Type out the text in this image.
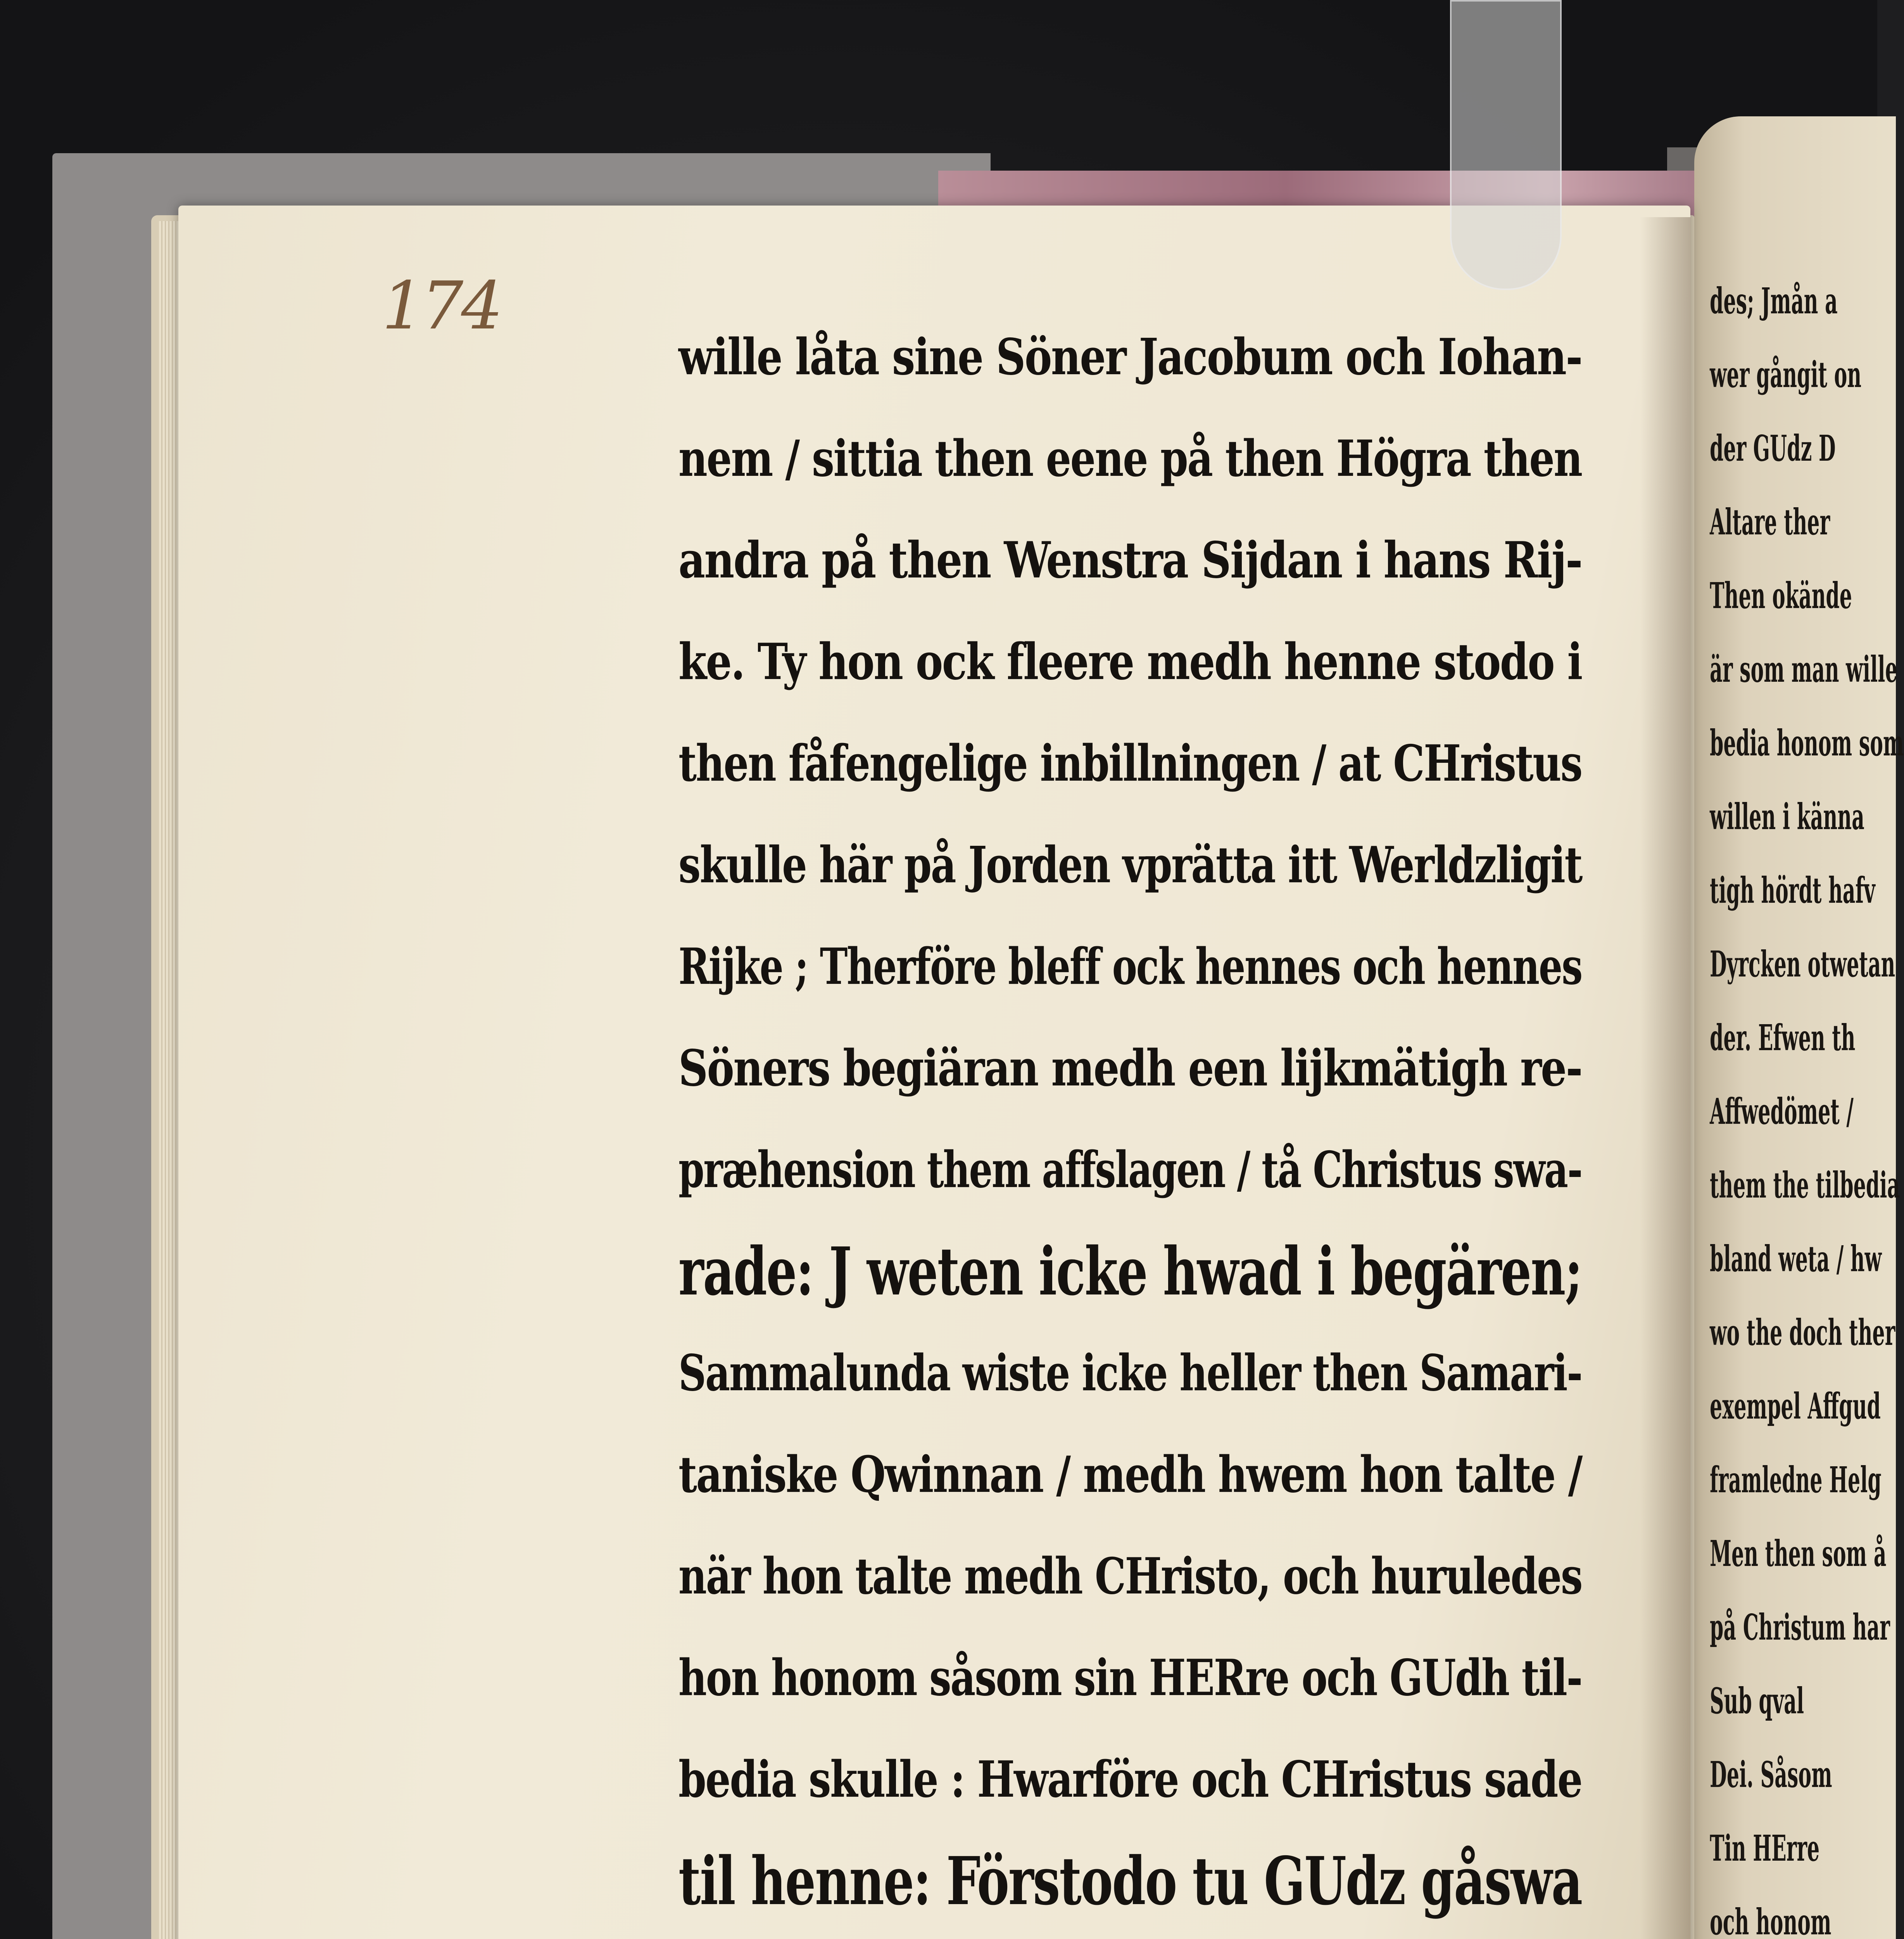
des; Jmån a
wer gångit on
der GUdz D
Altare ther
Then okände
är som man wille
bedia honom som
willen i känna
tigh hördt hafv
Dyrcken otwetan
der. Efwen th
Affwedömet /
them the tilbedia
bland weta / hw
wo the doch ther
exempel Affgud
framledne Helg
Men then som å
på Christum har
Sub qval
Dei. Såsom
Tin HErre
och honom
174
wille låta sine Söner Jacobum och Iohan-
nem / sittia then eene på then Högra then
andra på then Wenstra Sijdan i hans Rij-
ke. Ty hon ock fleere medh henne stodo i
then fåfengelige inbillningen / at CHristus
skulle här på Jorden vprätta itt Werldzligit
Rijke ; Therföre bleff ock hennes och hennes
Söners begiäran medh een lijkmätigh re-
præhension them affslagen / tå Christus swa-
rade: J weten icke hwad i begären;
Sammalunda wiste icke heller then Samari-
taniske Qwinnan / medh hwem hon talte /
när hon talte medh CHristo, och huruledes
hon honom såsom sin HERre och GUdh til-
bedia skulle : Hwarföre och CHristus sade
til henne: Förstodo tu GUdz gåswa
